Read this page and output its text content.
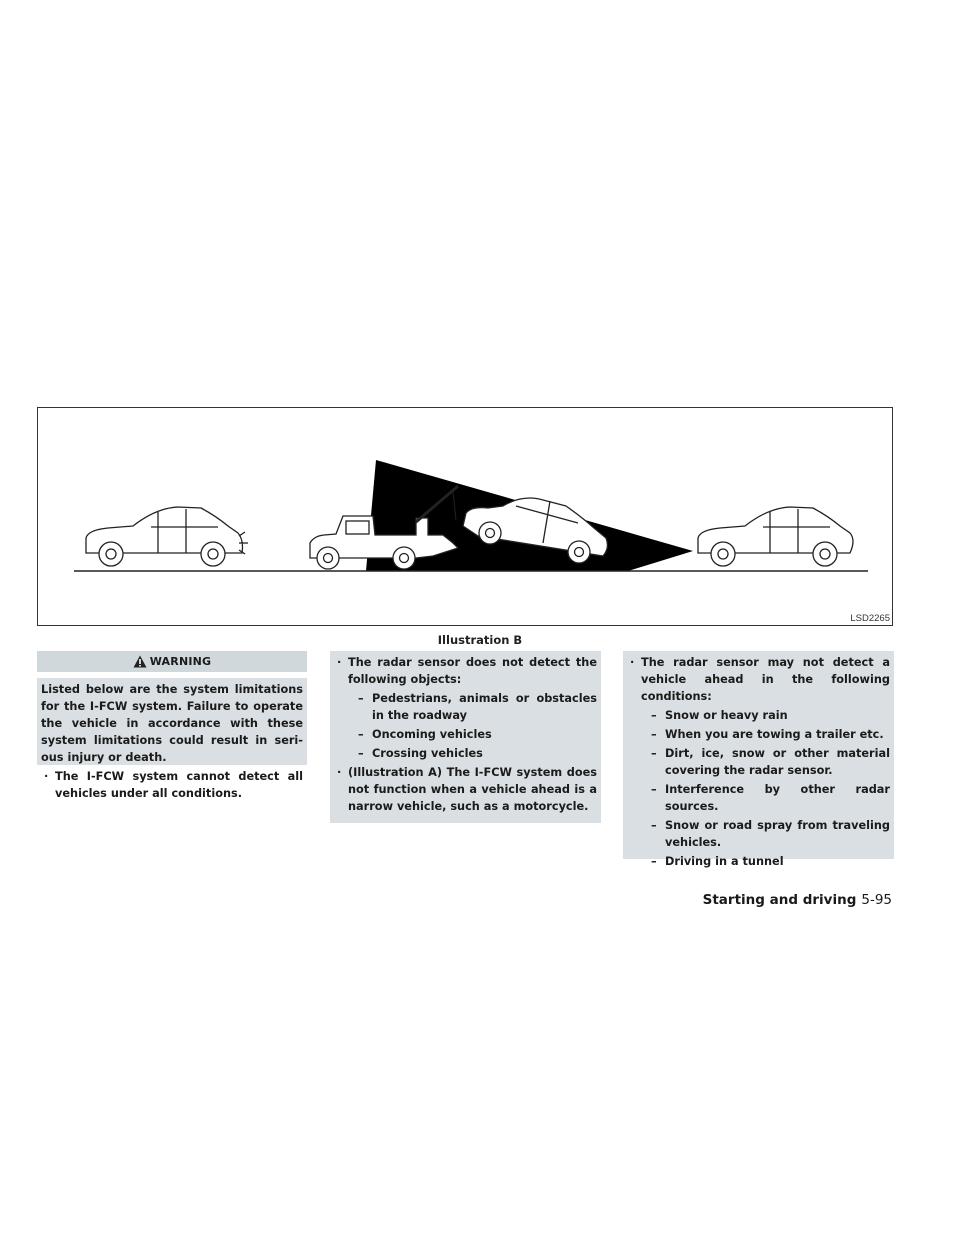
LSD2265
Illustration B
WARNING
Listed below are the system limitations for the I-FCW system. Failure to operate the vehicle in accordance with these system limitations could result in seri-ous injury or death.
· The I-FCW system cannot detect all vehicles under all conditions.
· The radar sensor does not detect the following objects:
– Pedestrians, animals or obstacles in the roadway
– Oncoming vehicles
– Crossing vehicles
· (Illustration A) The I-FCW system does not function when a vehicle ahead is a narrow vehicle, such as a motorcycle.
· The radar sensor may not detect a vehicle ahead in the following conditions:
– Snow or heavy rain
– When you are towing a trailer etc.
– Dirt, ice, snow or other material covering the radar sensor.
– Interference by other radar sources.
– Snow or road spray from traveling vehicles.
– Driving in a tunnel
Starting and driving 5-95
